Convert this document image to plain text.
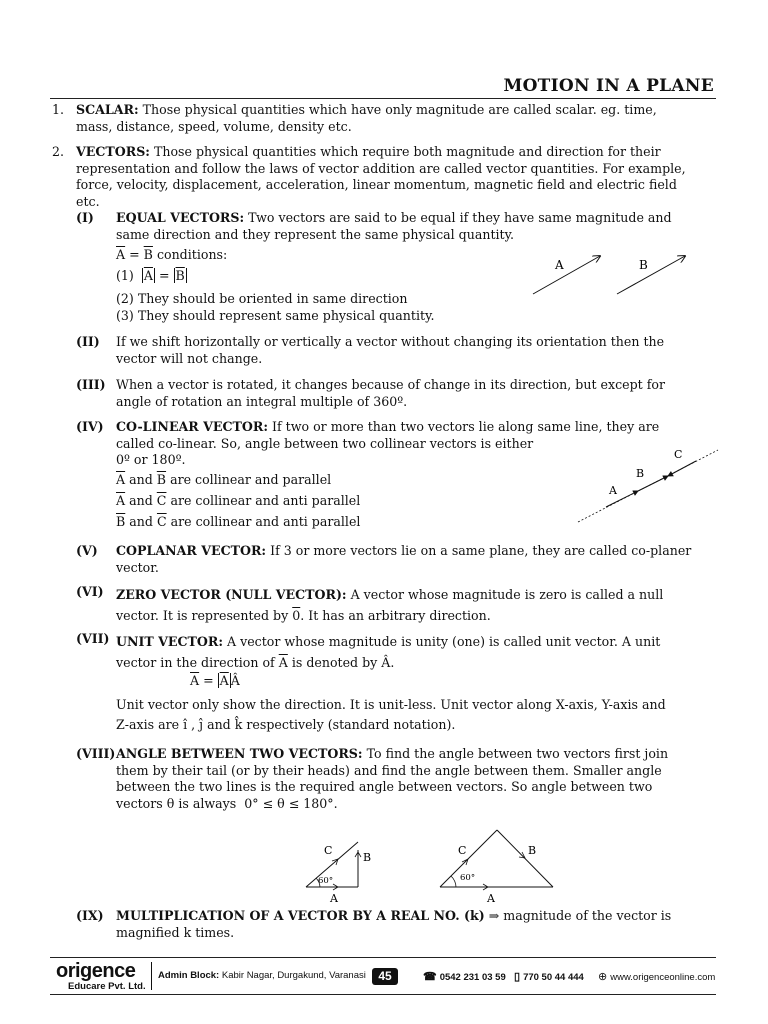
MOTION IN A PLANE
1. SCALAR: Those physical quantities which have only magnitude are called scalar. eg. time,
mass, distance, speed, volume, density etc.
2. VECTORS: Those physical quantities which require both magnitude and direction for their
representation and follow the laws of vector addition are called vector quantities. For example,
force, velocity, displacement, acceleration, linear momentum, magnetic field and electric field
etc.
(I) EQUAL VECTORS: Two vectors are said to be equal if they have same magnitude and
same direction and they represent the same physical quantity.
$\overline{A} = \overline{B}$ conditions:
(1) $\overline{A} = \overline{B}$
(2) They should be oriented in same direction
(3) They should represent same physical quantity.
A	B
(II) If we shift horizontally or vertically a vector without changing its orientation then the
vector will not change.
(III) When a vector is rotated, it changes because of change in its direction, but except for
angle of rotation an integral multiple of 360º.
(IV) CO-LINEAR VECTOR: If two or more than two vectors lie along same line, they are
called co-linear. So, angle between two collinear vectors is either
0º or 180º.
$\overline{A}$ and $\overline{B}$ are collinear and parallel
$\overline{A}$ and $\overline{C}$ are collinear and anti parallel
$\overline{B}$ and $\overline{C}$ are collinear and anti parallel
A
B
C
(V) COPLANAR VECTOR: If 3 or more vectors lie on a same plane, they are called co-planer
vector.
(VI) ZERO VECTOR (NULL VECTOR): A vector whose magnitude is zero is called a null
vector. It is represented by 0. It has an arbitrary direction.
(VII) UNIT VECTOR: A vector whose magnitude is unity (one) is called unit vector. A unit
vector in the direction of $\overline{A}$ is denoted by Â.
$\overline{A} = \overline{A}$ Â
Unit vector only show the direction. It is unit-less. Unit vector along X-axis, Y-axis and
Z-axis are î , ĵ and k̂ respectively (standard notation).
(VIII) ANGLE BETWEEN TWO VECTORS: To find the angle between two vectors first join
them by their tail (or by their heads) and find the angle between them. Smaller angle
between the two lines is the required angle between vectors. So angle between two
vectors θ is always  0° ≤ θ ≤ 180°.
C
B
A
60°
C	B
A
60°
(IX) MULTIPLICATION OF A VECTOR BY A REAL NO. (k) ⇒ magnitude of the vector is
magnified k times.
origence
Educare Pvt. Ltd.
Admin Block: Kabir Nagar, Durgakund, Varanasi	45	☎ 0542 231 03 59 ▯ 770 50 44 444 ⊕ www.origenceonline.com
